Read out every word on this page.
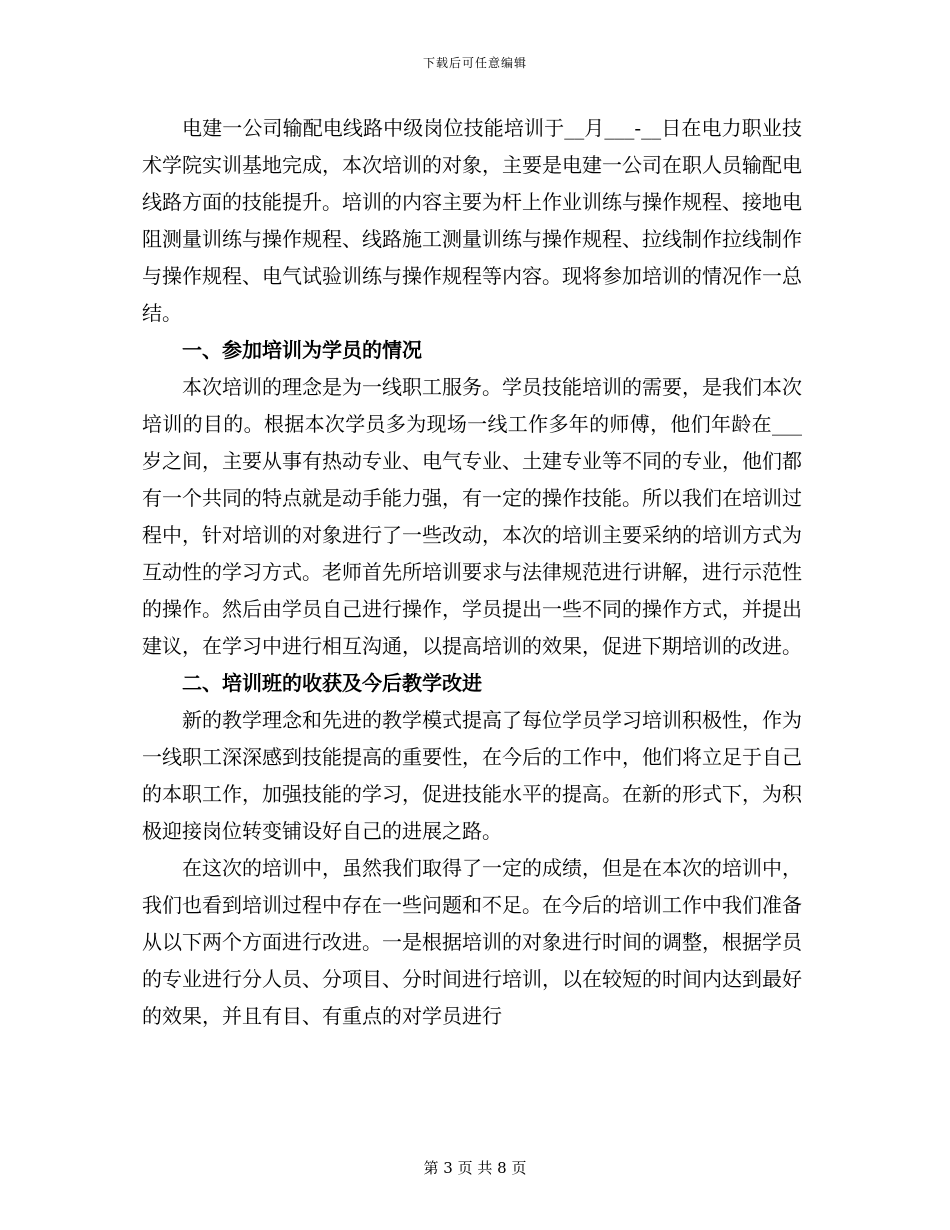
下载后可任意编辑

电建一公司输配电线路中级岗位技能培训于__月___-__日在电力职业技术学院实训基地完成，本次培训的对象，主要是电建一公司在职人员输配电线路方面的技能提升。培训的内容主要为杆上作业训练与操作规程、接地电阻测量训练与操作规程、线路施工测量训练与操作规程、拉线制作拉线制作与操作规程、电气试验训练与操作规程等内容。现将参加培训的情况作一总结。

一、参加培训为学员的情况

本次培训的理念是为一线职工服务。学员技能培训的需要，是我们本次培训的目的。根据本次学员多为现场一线工作多年的师傅，他们年龄在___岁之间，主要从事有热动专业、电气专业、土建专业等不同的专业，他们都有一个共同的特点就是动手能力强，有一定的操作技能。所以我们在培训过程中，针对培训的对象进行了一些改动，本次的培训主要采纳的培训方式为互动性的学习方式。老师首先所培训要求与法律规范进行讲解，进行示范性的操作。然后由学员自己进行操作，学员提出一些不同的操作方式，并提出建议，在学习中进行相互沟通，以提高培训的效果，促进下期培训的改进。

二、培训班的收获及今后教学改进

新的教学理念和先进的教学模式提高了每位学员学习培训积极性，作为一线职工深深感到技能提高的重要性，在今后的工作中，他们将立足于自己的本职工作，加强技能的学习，促进技能水平的提高。在新的形式下，为积极迎接岗位转变铺设好自己的进展之路。

在这次的培训中，虽然我们取得了一定的成绩，但是在本次的培训中，我们也看到培训过程中存在一些问题和不足。在今后的培训工作中我们准备从以下两个方面进行改进。一是根据培训的对象进行时间的调整，根据学员的专业进行分人员、分项目、分时间进行培训，以在较短的时间内达到最好的效果，并且有目、有重点的对学员进行

第 3 页 共 8 页
